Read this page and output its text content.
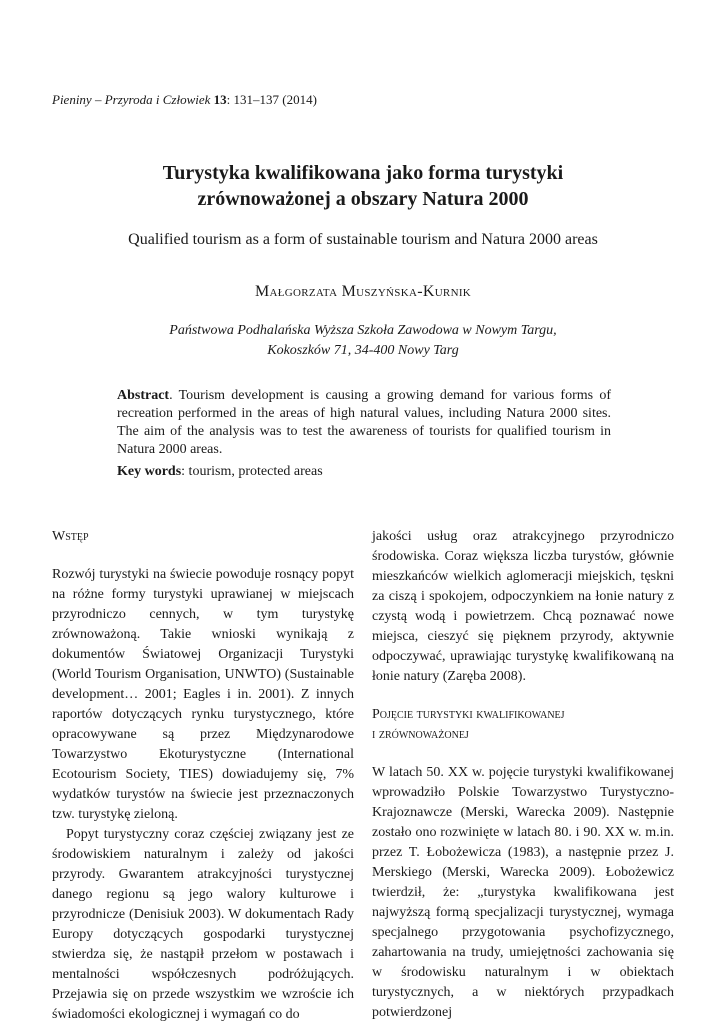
Pieniny – Przyroda i Człowiek 13: 131–137 (2014)
Turystyka kwalifikowana jako forma turystyki
zrównoważonej a obszary Natura 2000
Qualified tourism as a form of sustainable tourism and Natura 2000 areas
Małgorzata Muszyńska-Kurnik
Państwowa Podhalańska Wyższa Szkoła Zawodowa w Nowym Targu,
Kokoszków 71, 34-400 Nowy Targ
Abstract. Tourism development is causing a growing demand for various forms of recreation performed in the areas of high natural values, including Natura 2000 sites. The aim of the analysis was to test the awareness of tourists for qualified tourism in Natura 2000 areas.
Key words: tourism, protected areas

Wstęp

Rozwój turystyki na świecie powoduje rosnący popyt na różne formy turystyki uprawianej w miejscach przyrodniczo cennych, w tym turystykę zrównoważoną. Takie wnioski wynikają z dokumentów Światowej Organizacji Turystyki (World Tourism Organisation, UNWTO) (Sustainable development… 2001; Eagles i in. 2001). Z innych raportów dotyczących rynku turystycznego, które opracowywane są przez Międzynarodowe Towarzystwo Ekoturystyczne (International Ecotourism Society, TIES) dowiadujemy się, 7% wydatków turystów na świecie jest przeznaczonych tzw. turystykę zieloną.

Popyt turystyczny coraz częściej związany jest ze środowiskiem naturalnym i zależy od jakości przyrody. Gwarantem atrakcyjności turystycznej danego regionu są jego walory kulturowe i przyrodnicze (Denisiuk 2003). W dokumentach Rady Europy dotyczących gospodarki turystycznej stwierdza się, że nastąpił przełom w postawach i mentalności współczesnych podróżujących. Przejawia się on przede wszystkim we wzroście ich świadomości ekologicznej i wymagań co do

jakości usług oraz atrakcyjnego przyrodniczo środowiska. Coraz większa liczba turystów, głównie mieszkańców wielkich aglomeracji miejskich, tęskni za ciszą i spokojem, odpoczynkiem na łonie natury z czystą wodą i powietrzem. Chcą poznawać nowe miejsca, cieszyć się pięknem przyrody, aktywnie odpoczywać, uprawiając turystykę kwalifikowaną na łonie natury (Zaręba 2008).

Pojęcie turystyki kwalifikowanej

i zrównoważonej

W latach 50. XX w. pojęcie turystyki kwalifikowanej wprowadziło Polskie Towarzystwo Turystyczno-Krajoznawcze (Merski, Warecka 2009). Następnie zostało ono rozwinięte w latach 80. i 90. XX w. m.in. przez T. Łobożewicza (1983), a następnie przez J. Merskiego (Merski, Warecka 2009). Łobożewicz twierdził, że: „turystyka kwalifikowana jest najwyższą formą specjalizacji turystycznej, wymaga specjalnego przygotowania psychofizycznego, zahartowania na trudy, umiejętności zachowania się w środowisku naturalnym i w obiektach turystycznych, a w niektórych przypadkach potwierdzonej
